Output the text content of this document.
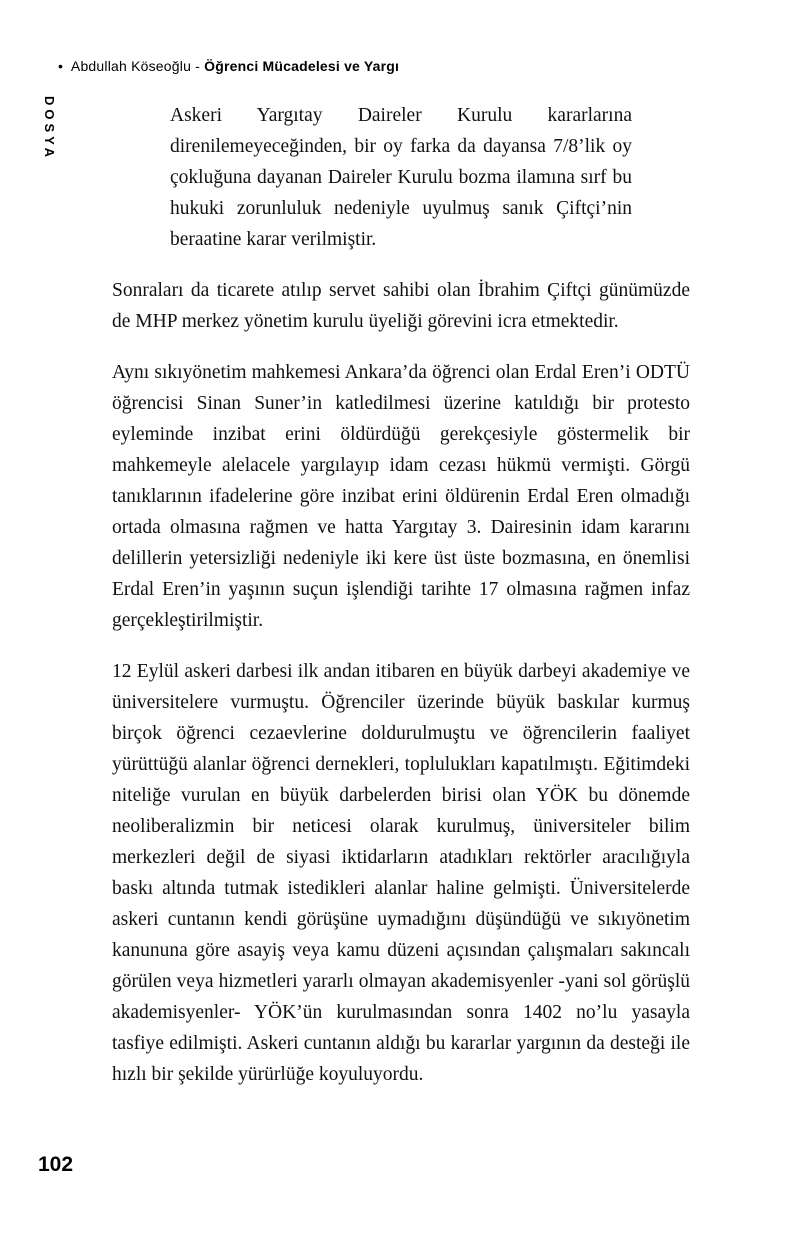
• Abdullah Köseoğlu - Öğrenci Mücadelesi ve Yargı
DOSYA	Askeri Yargıtay Daireler Kurulu kararlarına direnilemeyeceğinden, bir oy farka da dayansa 7/8’lik oy çokluğuna dayanan Daireler Kurulu bozma ilamına sırf bu hukuki zorunluluk nedeniyle uyulmuş sanık Çiftçi’nin beraatine karar verilmiştir.

Sonraları da ticarete atılıp servet sahibi olan İbrahim Çiftçi günümüzde de MHP merkez yönetim kurulu üyeliği görevini icra etmektedir.

Aynı sıkıyönetim mahkemesi Ankara’da öğrenci olan Erdal Eren’i ODTÜ öğrencisi Sinan Suner’in katledilmesi üzerine katıldığı bir protesto eyleminde inzibat erini öldürdüğü gerekçesiyle göstermelik bir mahkemeyle alelacele yargılayıp idam cezası hükmü vermişti. Görgü tanıklarının ifadelerine göre inzibat erini öldürenin Erdal Eren olmadığı ortada olmasına rağmen ve hatta Yargıtay 3. Dairesinin idam kararını delillerin yetersizliği nedeniyle iki kere üst üste bozmasına, en önemlisi Erdal Eren’in yaşının suçun işlendiği tarihte 17 olmasına rağmen infaz gerçekleştirilmiştir.

12 Eylül askeri darbesi ilk andan itibaren en büyük darbeyi akademiye ve üniversitelere vurmuştu. Öğrenciler üzerinde büyük baskılar kurmuş birçok öğrenci cezaevlerine doldurulmuştu ve öğrencilerin faaliyet yürüttüğü alanlar öğrenci dernekleri, toplulukları kapatılmıştı. Eğitimdeki niteliğe vurulan en büyük darbelerden birisi olan YÖK bu dönemde neoliberalizmin bir neticesi olarak kurulmuş, üniversiteler bilim merkezleri değil de siyasi iktidarların atadıkları rektörler aracılığıyla baskı altında tutmak istedikleri alanlar haline gelmişti. Üniversitelerde askeri cuntanın kendi görüşüne uymadığını düşündüğü ve sıkıyönetim kanununa göre asayiş veya kamu düzeni açısından çalışmaları sakıncalı görülen veya hizmetleri yararlı olmayan akademisyenler -yani sol görüşlü akademisyenler- YÖK’ün kurulmasından sonra 1402 no’lu yasayla tasfiye edilmişti. Askeri cuntanın aldığı bu kararlar yargının da desteği ile hızlı bir şekilde yürürlüğe koyuluyordu.

102
